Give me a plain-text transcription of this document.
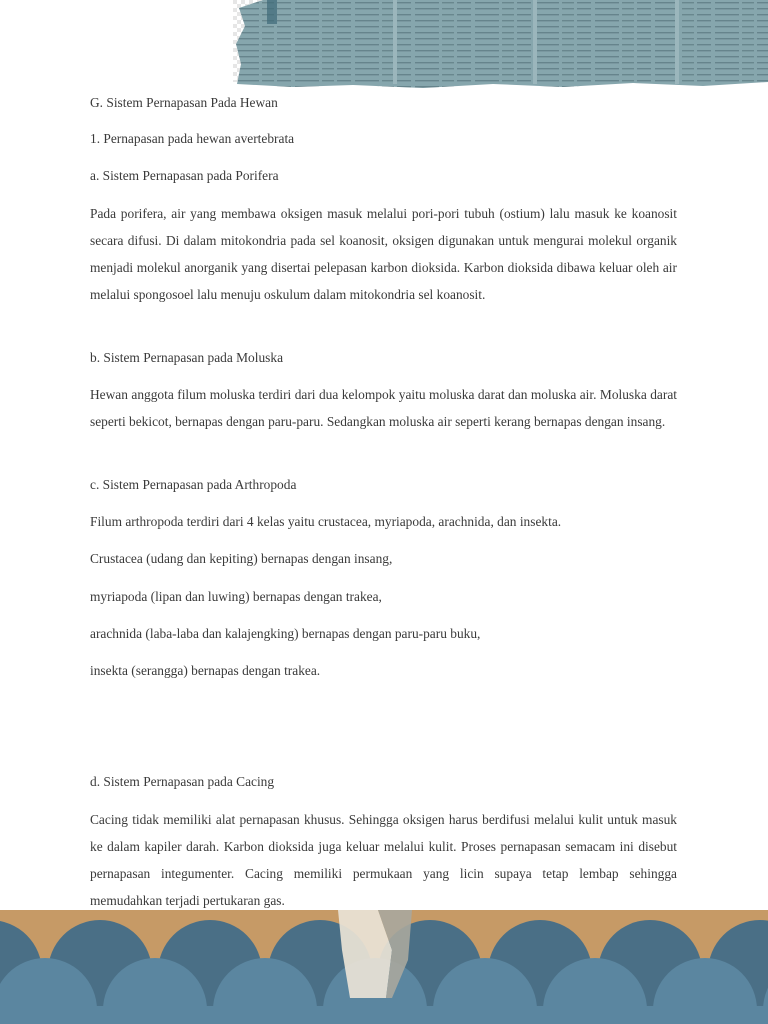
G. Sistem Pernapasan Pada Hewan

1. Pernapasan pada hewan avertebrata

a. Sistem Pernapasan pada Porifera

Pada porifera, air yang membawa oksigen masuk melalui pori-pori tubuh (ostium) lalu masuk ke koanosit secara difusi. Di dalam mitokondria pada sel koanosit, oksigen digunakan untuk mengurai molekul organik menjadi molekul anorganik yang disertai pelepasan karbon dioksida. Karbon dioksida dibawa keluar oleh air melalui spongosoel lalu menuju oskulum dalam mitokondria sel koanosit.

b. Sistem Pernapasan pada Moluska

Hewan anggota filum moluska terdiri dari dua kelompok yaitu moluska darat dan moluska air. Moluska darat seperti bekicot, bernapas dengan paru-paru. Sedangkan moluska air seperti kerang bernapas dengan insang.

c. Sistem Pernapasan pada Arthropoda

Filum arthropoda terdiri dari 4 kelas yaitu crustacea, myriapoda, arachnida, dan insekta.

Crustacea (udang dan kepiting) bernapas dengan insang,

myriapoda (lipan dan luwing) bernapas dengan trakea,

arachnida (laba-laba dan kalajengking) bernapas dengan paru-paru buku,

insekta (serangga) bernapas dengan trakea.

d. Sistem Pernapasan pada Cacing

Cacing tidak memiliki alat pernapasan khusus. Sehingga oksigen harus berdifusi melalui kulit untuk masuk ke dalam kapiler darah. Karbon dioksida juga keluar melalui kulit. Proses pernapasan semacam ini disebut pernapasan integumenter. Cacing memiliki permukaan yang licin supaya tetap lembap sehingga memudahkan terjadi pertukaran gas.
